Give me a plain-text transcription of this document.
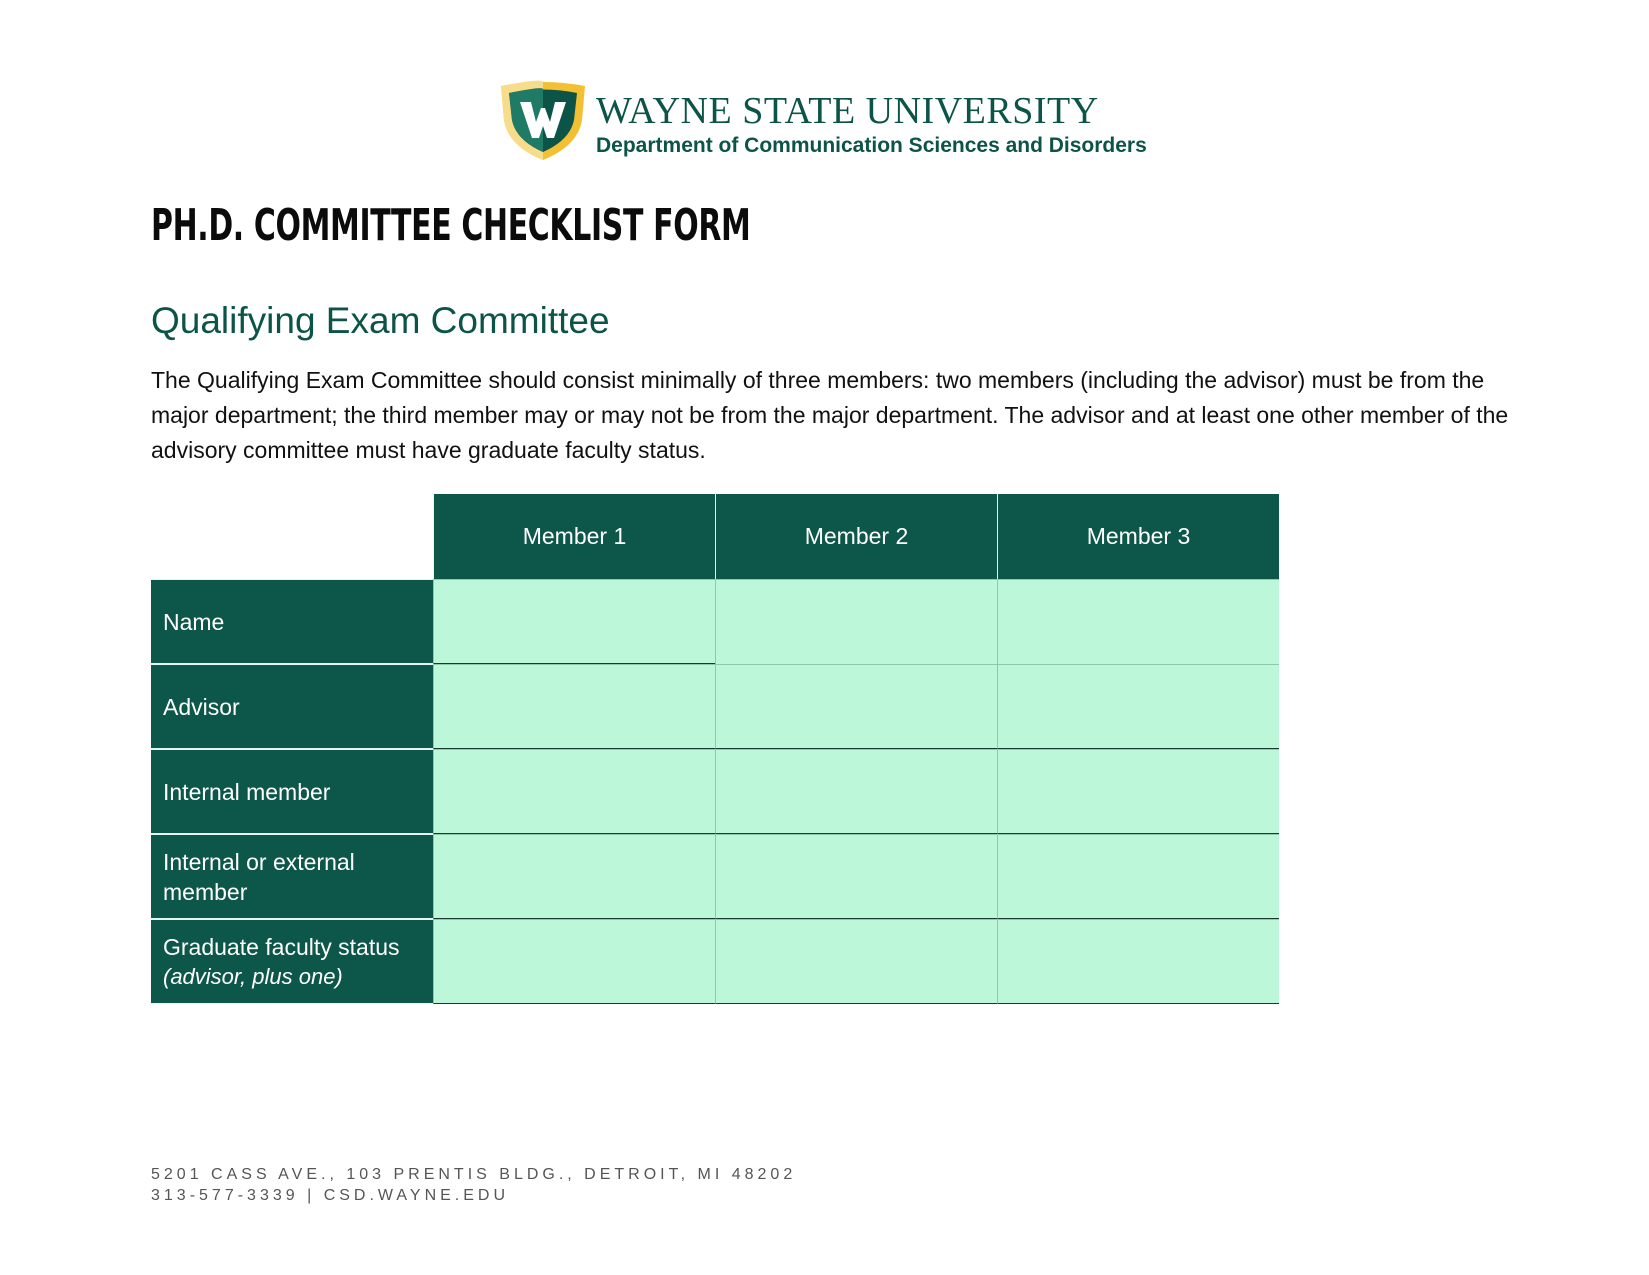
WAYNE STATE UNIVERSITY
Department of Communication Sciences and Disorders
PH.D. COMMITTEE CHECKLIST FORM
Qualifying Exam Committee
The Qualifying Exam Committee should consist minimally of three members: two members (including the advisor) must be from the major department; the third member may or may not be from the major department. The advisor and at least one other member of the advisory committee must have graduate faculty status.
Member 1	Member 2	Member 3
Name
Advisor
Internal member
Internal or external member
Graduate faculty status
(advisor, plus one)
5201 CASS AVE., 103 PRENTIS BLDG., DETROIT, MI 48202
313-577-3339 | CSD.WAYNE.EDU
